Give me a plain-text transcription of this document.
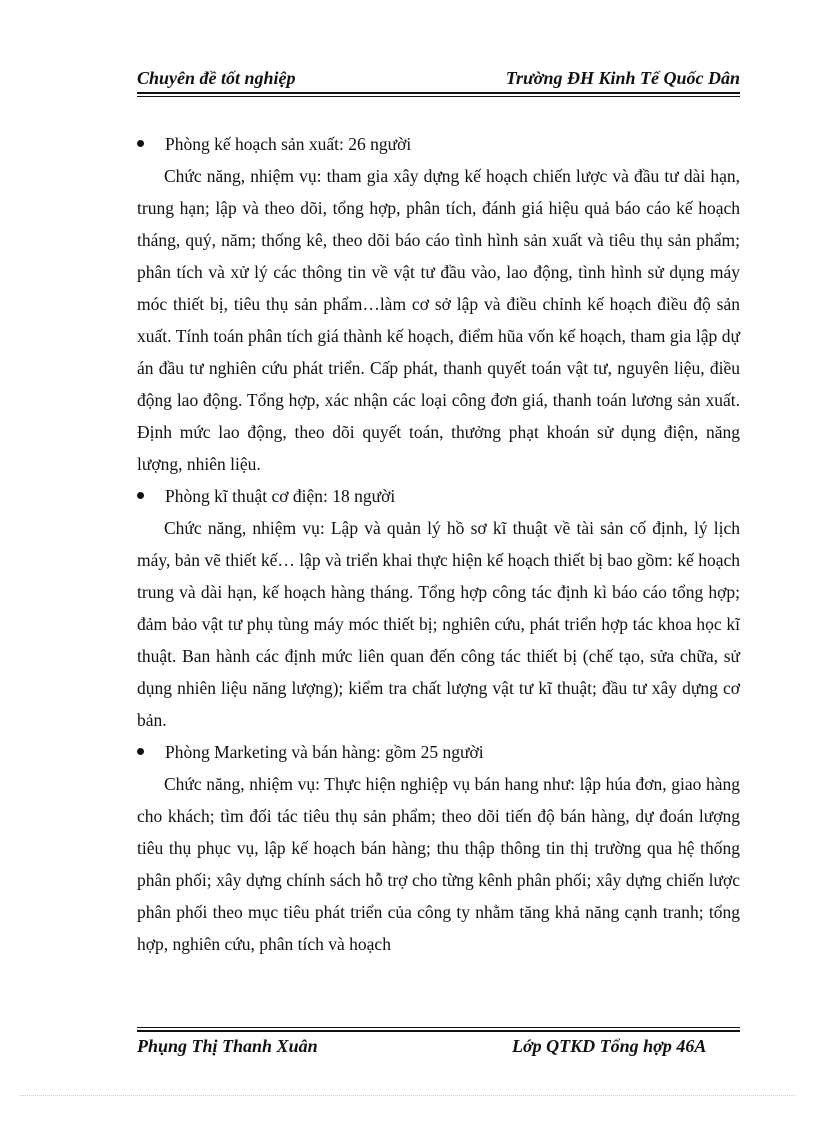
Chuyên đề tốt nghiệp	Trường ĐH Kinh Tế Quốc Dân
Phòng kế hoạch sản xuất: 26 người

Chức năng, nhiệm vụ: tham gia xây dựng kế hoạch chiến lược và đầu tư dài hạn, trung hạn; lập và theo dõi, tổng hợp, phân tích, đánh giá hiệu quả báo cáo kế hoạch tháng, quý, năm; thống kê, theo dõi báo cáo tình hình sản xuất và tiêu thụ sản phẩm; phân tích và xử lý các thông tin về vật tư đầu vào, lao động, tình hình sử dụng máy móc thiết bị, tiêu thụ sản phẩm…làm cơ sở lập và điều chỉnh kế hoạch điều độ sản xuất. Tính toán phân tích giá thành kế hoạch, điểm hũa vốn kế hoạch, tham gia lập dự án đầu tư nghiên cứu phát triển. Cấp phát, thanh quyết toán vật tư, nguyên liệu, điều động lao động. Tổng hợp, xác nhận các loại công đơn giá, thanh toán lương sản xuất. Định mức lao động, theo dõi quyết toán, thưởng phạt khoán sử dụng điện, năng lượng, nhiên liệu.

Phòng kĩ thuật cơ điện: 18 người

Chức năng, nhiệm vụ: Lập và quản lý hồ sơ kĩ thuật về tài sản cố định, lý lịch máy, bản vẽ thiết kế… lập và triển khai thực hiện kế hoạch thiết bị bao gồm: kế hoạch trung và dài hạn, kế hoạch hàng tháng. Tổng hợp công tác định kì báo cáo tổng hợp; đảm bảo vật tư phụ tùng máy móc thiết bị; nghiên cứu, phát triển hợp tác khoa học kĩ thuật. Ban hành các định mức liên quan đến công tác thiết bị (chế tạo, sửa chữa, sử dụng nhiên liệu năng lượng); kiểm tra chất lượng vật tư kĩ thuật; đầu tư xây dựng cơ bản.

Phòng Marketing và bán hàng: gồm 25 người

Chức năng, nhiệm vụ: Thực hiện nghiệp vụ bán hang như: lập húa đơn, giao hàng cho khách; tìm đối tác tiêu thụ sản phẩm; theo dõi tiến độ bán hàng, dự đoán lượng tiêu thụ phục vụ, lập kế hoạch bán hàng; thu thập thông tin thị trường qua hệ thống phân phối; xây dựng chính sách hỗ trợ cho từng kênh phân phối; xây dựng chiến lược phân phối theo mục tiêu phát triển của công ty nhằm tăng khả năng cạnh tranh; tổng hợp, nghiên cứu, phân tích và hoạch

Phụng Thị Thanh Xuân	Lớp QTKD Tổng hợp 46A
